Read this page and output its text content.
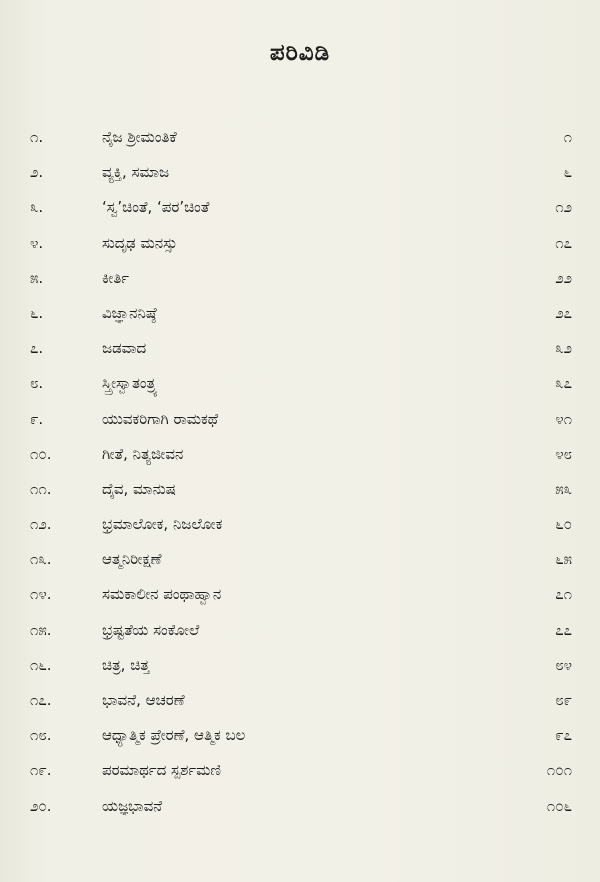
ಪರಿವಿಡಿ
೧.	ನೈಜ ಶ್ರೀಮಂತಿಕೆ	೧
೨.	ವ್ಯಕ್ತಿ, ಸಮಾಜ	೬
೩.	‘ಸ್ವ’ಚಿಂತೆ, ‘ಪರ’ಚಿಂತೆ	೧೨
೪.	ಸುದೃಢ ಮನಸ್ಸು	೧೭
೫.	ಕೀರ್ತಿ	೨೨
೬.	ವಿಜ್ಞಾನನಿಷ್ಠೆ	೨೭
೭.	ಜಡವಾದ	೩೨
೮.	ಸ್ತ್ರೀಸ್ವಾತಂತ್ರ್ಯ	೩೭
೯.	ಯುವಕರಿಗಾಗಿ ರಾಮಕಥೆ	೪೧
೧೦.	ಗೀತೆ, ನಿತ್ಯಜೀವನ	೪೮
೧೧.	ದೈವ, ಮಾನುಷ	೫೩
೧೨.	ಭ್ರಮಾಲೋಕ, ನಿಜಲೋಕ	೬೦
೧೩.	ಆತ್ಮನಿರೀಕ್ಷಣೆ	೬೫
೧೪.	ಸಮಕಾಲೀನ ಪಂಥಾಹ್ವಾನ	೭೧
೧೫.	ಭ್ರಷ್ಟತೆಯ ಸಂಕೋಲೆ	೭೭
೧೬.	ಚಿತ್ರ, ಚಿತ್ತ	೮೪
೧೭.	ಭಾವನೆ, ಆಚರಣೆ	೮೯
೧೮.	ಆಧ್ಯಾತ್ಮಿಕ ಪ್ರೇರಣೆ, ಆತ್ಮಿಕ ಬಲ	೯೭
೧೯.	ಪರಮಾರ್ಥದ ಸ್ಪರ್ಶಮಣಿ	೧೦೧
೨೦.	ಯಜ್ಞಭಾವನೆ	೧೦೬
